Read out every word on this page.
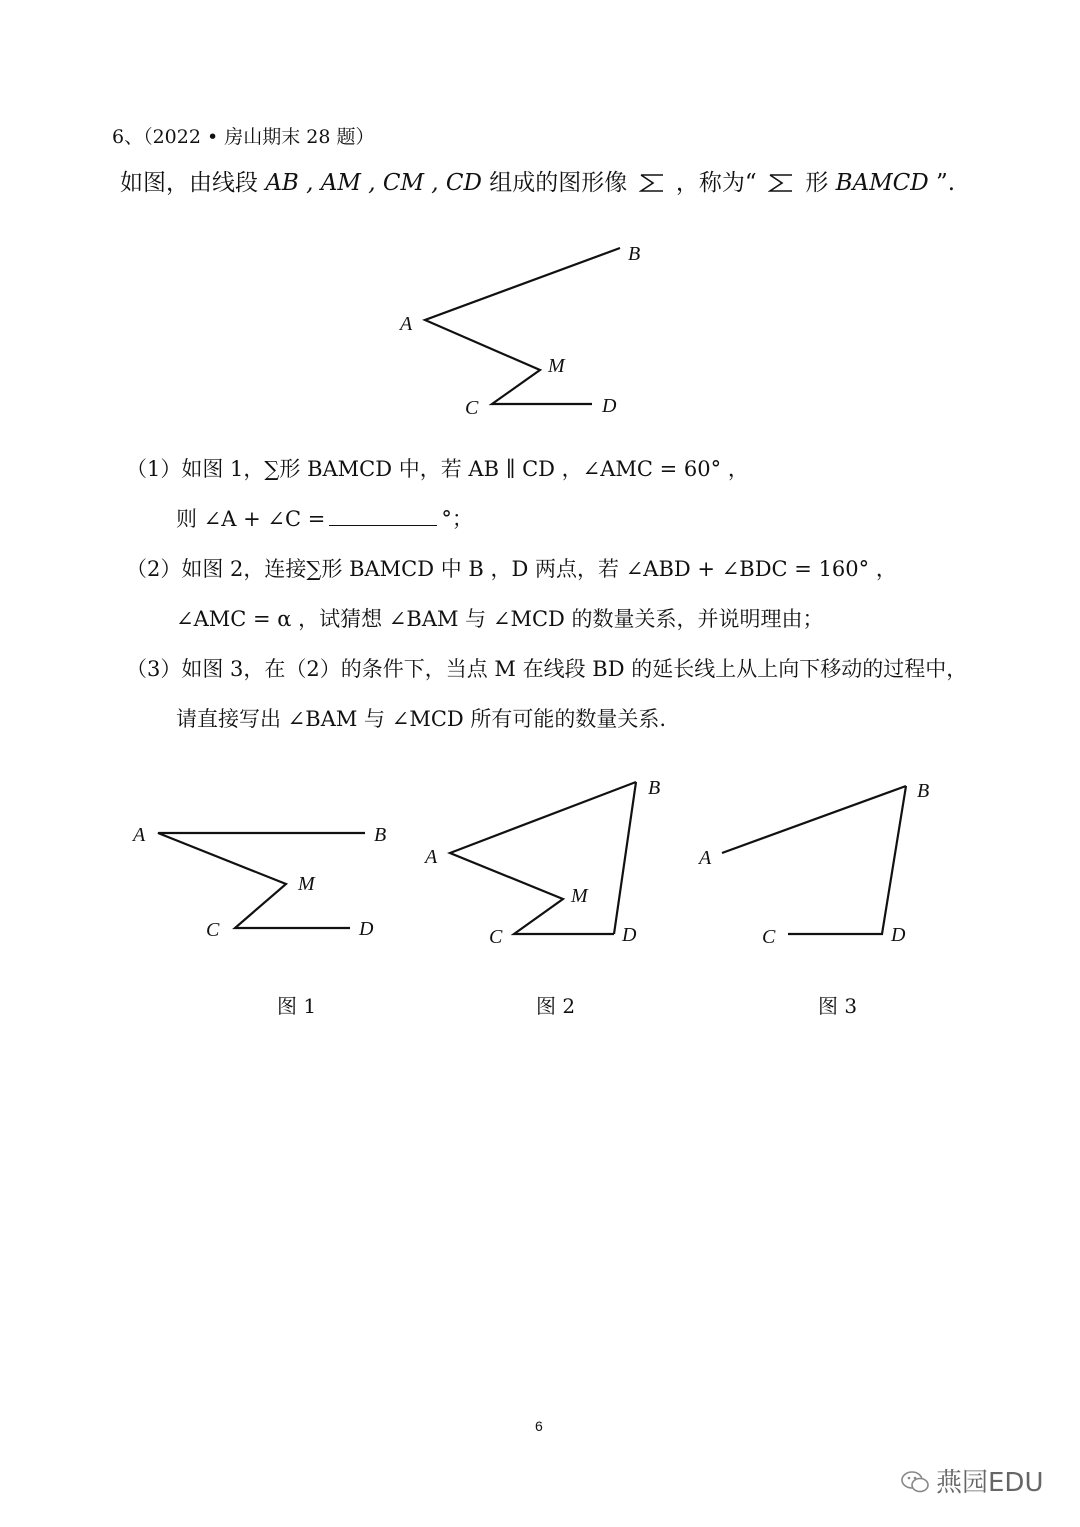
6、（2022 • 房山期末 28 题）
如图，由线段 AB , AM , CM , CD 组成的图形像 ，称为“ 形 BAMCD ”.
B
A
M
C	D
A	B
M
C	D
B
A
M
C	D
B
A
C	D
（1）如图 1，∑形 BAMCD 中，若 AB ∥ CD ，∠AMC = 60° ，
则 ∠A + ∠C =	°；
（2）如图 2，连接∑形 BAMCD 中 B ，D 两点，若 ∠ABD + ∠BDC = 160° ，
∠AMC = α ，试猜想 ∠BAM 与 ∠MCD 的数量关系，并说明理由；
（3）如图 3，在（2）的条件下，当点 M 在线段 BD 的延长线上从上向下移动的过程中，
请直接写出 ∠BAM 与 ∠MCD 所有可能的数量关系.
图 1	图 2	图 3
6
燕园EDU
